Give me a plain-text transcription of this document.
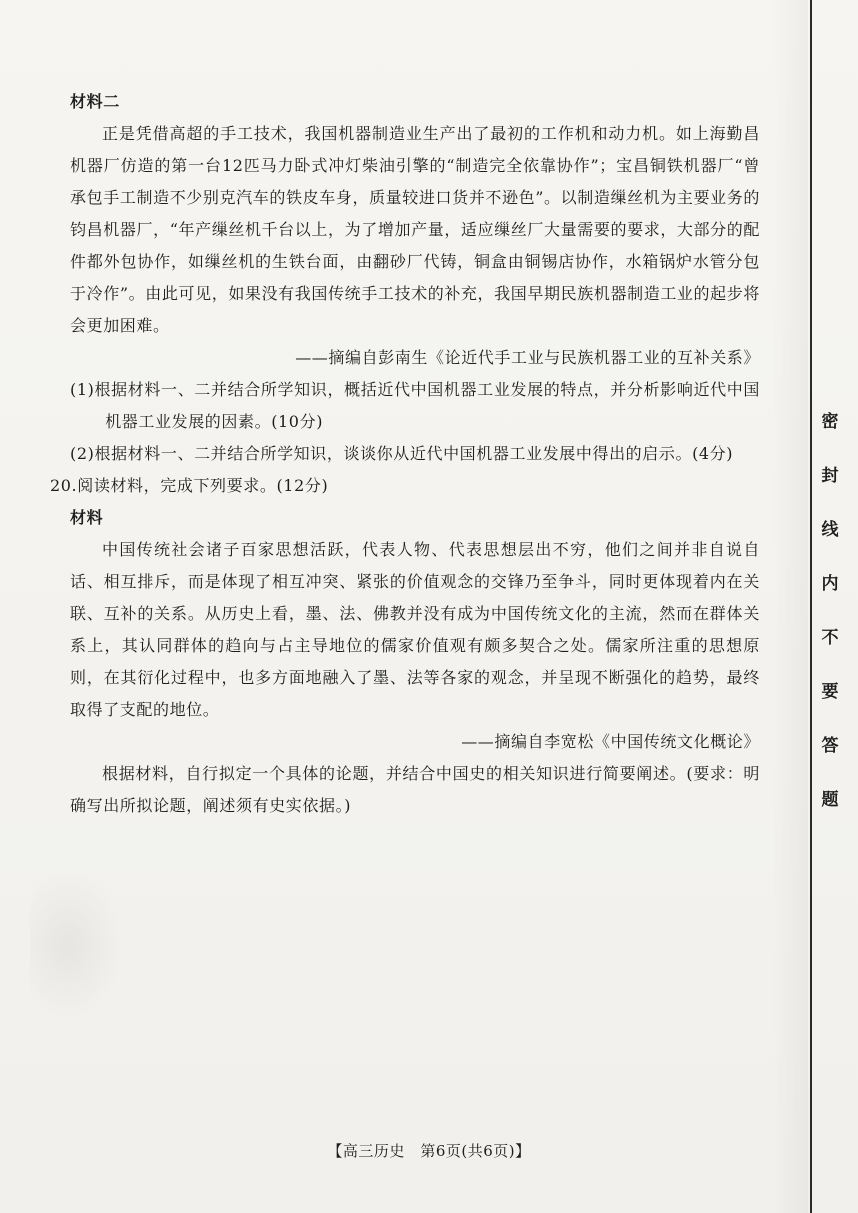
材料二

正是凭借高超的手工技术，我国机器制造业生产出了最初的工作机和动力机。如上海勤昌机器厂仿造的第一台12匹马力卧式冲灯柴油引擎的“制造完全依靠协作”；宝昌铜铁机器厂“曾承包手工制造不少别克汽车的铁皮车身，质量较进口货并不逊色”。以制造缫丝机为主要业务的钧昌机器厂，“年产缫丝机千台以上，为了增加产量，适应缫丝厂大量需要的要求，大部分的配件都外包协作，如缫丝机的生铁台面，由翻砂厂代铸，铜盒由铜锡店协作，水箱锅炉水管分包于冷作”。由此可见，如果没有我国传统手工技术的补充，我国早期民族机器制造工业的起步将会更加困难。

——摘编自彭南生《论近代手工业与民族机器工业的互补关系》

(1)根据材料一、二并结合所学知识，概括近代中国机器工业发展的特点，并分析影响近代中国机器工业发展的因素。(10分)

(2)根据材料一、二并结合所学知识，谈谈你从近代中国机器工业发展中得出的启示。(4分)

20.阅读材料，完成下列要求。(12分)

材料

中国传统社会诸子百家思想活跃，代表人物、代表思想层出不穷，他们之间并非自说自话、相互排斥，而是体现了相互冲突、紧张的价值观念的交锋乃至争斗，同时更体现着内在关联、互补的关系。从历史上看，墨、法、佛教并没有成为中国传统文化的主流，然而在群体关系上，其认同群体的趋向与占主导地位的儒家价值观有颇多契合之处。儒家所注重的思想原则，在其衍化过程中，也多方面地融入了墨、法等各家的观念，并呈现不断强化的趋势，最终取得了支配的地位。

——摘编自李宽松《中国传统文化概论》

根据材料，自行拟定一个具体的论题，并结合中国史的相关知识进行简要阐述。(要求：明确写出所拟论题，阐述须有史实依据。)

密
封
线
内
不
要
答
题
【高三历史　第6页(共6页)】
